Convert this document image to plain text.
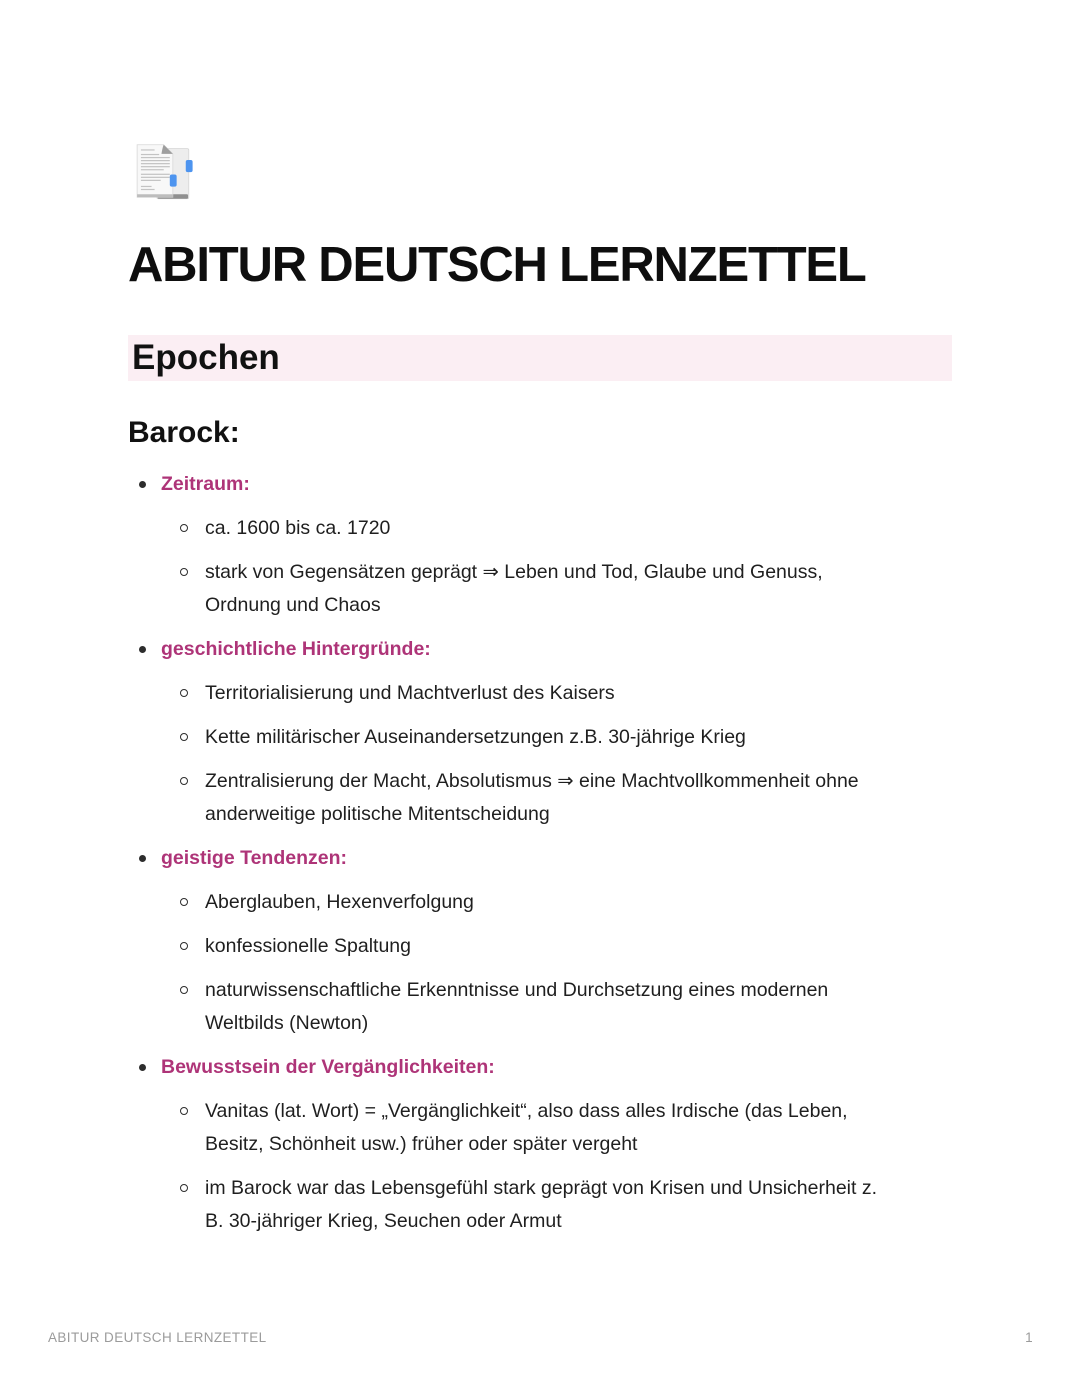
ABITUR DEUTSCH LERNZETTEL
Epochen
Barock:
Zeitraum:
ca. 1600 bis ca. 1720
stark von Gegensätzen geprägt ⇒ Leben und Tod, Glaube und Genuss, Ordnung und Chaos
geschichtliche Hintergründe:
Territorialisierung und Machtverlust des Kaisers
Kette militärischer Auseinandersetzungen z.B. 30-jährige Krieg
Zentralisierung der Macht, Absolutismus ⇒ eine Machtvollkommenheit ohne anderweitige politische Mitentscheidung
geistige Tendenzen:
Aberglauben, Hexenverfolgung
konfessionelle Spaltung
naturwissenschaftliche Erkenntnisse und Durchsetzung eines modernen Weltbilds (Newton)
Bewusstsein der Vergänglichkeiten:
Vanitas (lat. Wort) = „Vergänglichkeit“, also dass alles Irdische (das Leben, Besitz, Schönheit usw.) früher oder später vergeht
im Barock war das Lebensgefühl stark geprägt von Krisen und Unsicherheit z. B. 30-jähriger Krieg, Seuchen oder Armut
ABITUR DEUTSCH LERNZETTEL	1
